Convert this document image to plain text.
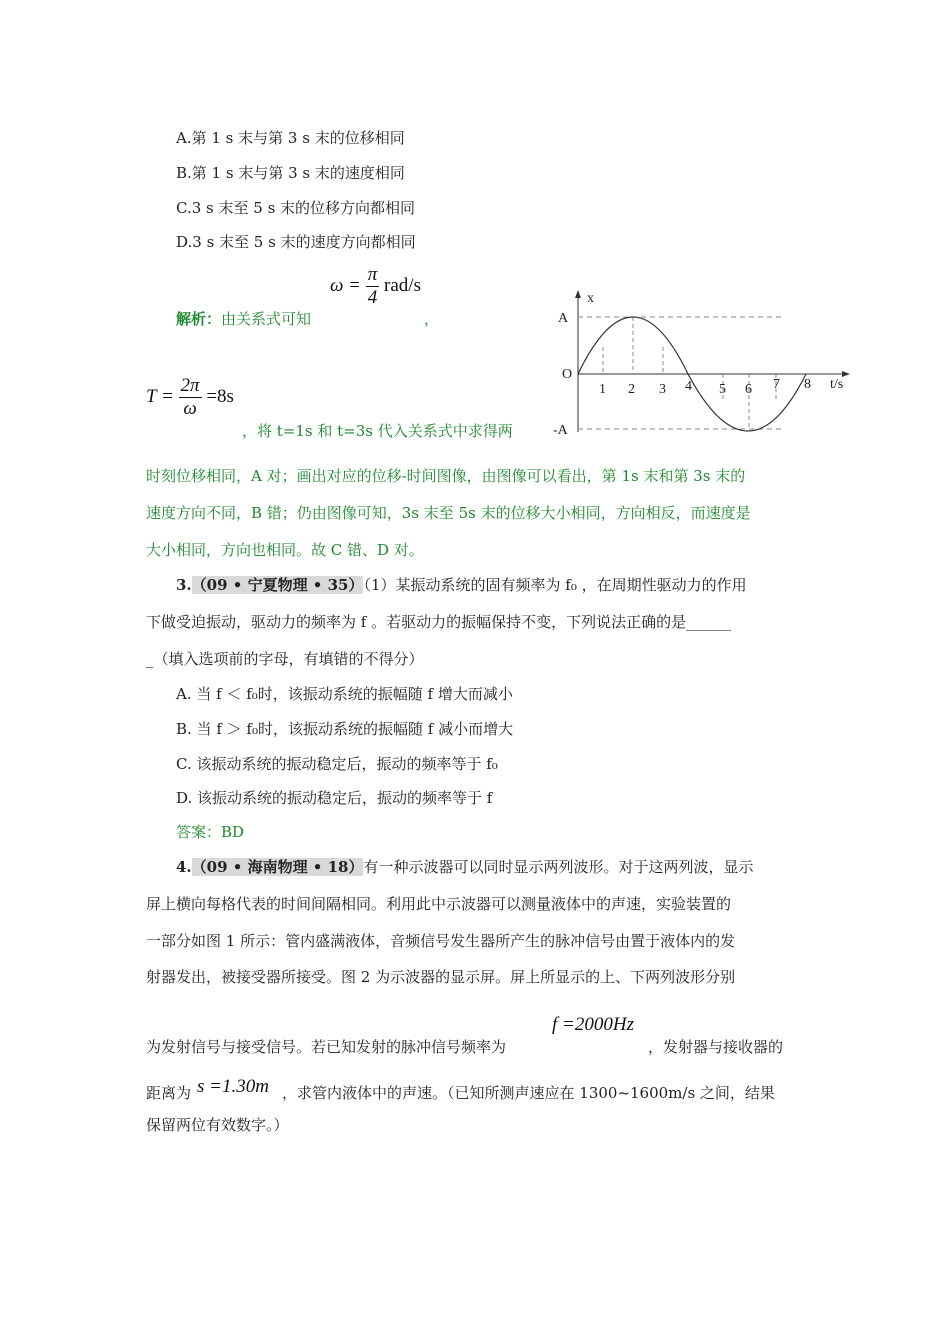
A.第 1 s 末与第 3 s 末的位移相同
B.第 1 s 末与第 3 s 末的速度相同
C.3 s 末至 5 s 末的位移方向都相同
D.3 s 末至 5 s 末的速度方向都相同
$\omega = \frac{\pi}{4} rad/s$
解析：由关系式可知	，
$T = \frac{2\pi}{\omega} =8s$
，将 t=1s 和 t=3s 代入关系式中求得两
时刻位移相同，A 对；画出对应的位移-时间图像，由图像可以看出，第 1s 末和第 3s 末的
速度方向不同，B 错；仍由图像可知，3s 末至 5s 末的位移大小相同，方向相反，而速度是
大小相同，方向也相同。故 C 错、D 对。
x
t/s
A
-A
O
1 2 3 4 5 6 7 8
3.（09 • 宁夏物理 • 35）（1）某振动系统的固有频率为 f₀ ，在周期性驱动力的作用
下做受迫振动，驱动力的频率为 f 。若驱动力的振幅保持不变，下列说法正确的是______
_（填入选项前的字母，有填错的不得分）
A. 当 f ＜ f₀时，该振动系统的振幅随 f 增大而减小
B. 当 f ＞ f₀时，该振动系统的振幅随 f 减小而增大
C. 该振动系统的振动稳定后，振动的频率等于 f₀
D. 该振动系统的振动稳定后，振动的频率等于 f
答案：BD
4.（09 • 海南物理 • 18）有一种示波器可以同时显示两列波形。对于这两列波，显示
屏上横向每格代表的时间间隔相同。利用此中示波器可以测量液体中的声速，实验装置的
一部分如图 1 所示：管内盛满液体，音频信号发生器所产生的脉冲信号由置于液体内的发
射器发出，被接受器所接受。图 2 为示波器的显示屏。屏上所显示的上、下两列波形分别
f =2000Hz
为发射信号与接受信号。若已知发射的脉冲信号频率为	，发射器与接收器的
距离为 s =1.30m ，求管内液体中的声速。（已知所测声速应在 1300~1600m/s 之间，结果
保留两位有效数字。）
